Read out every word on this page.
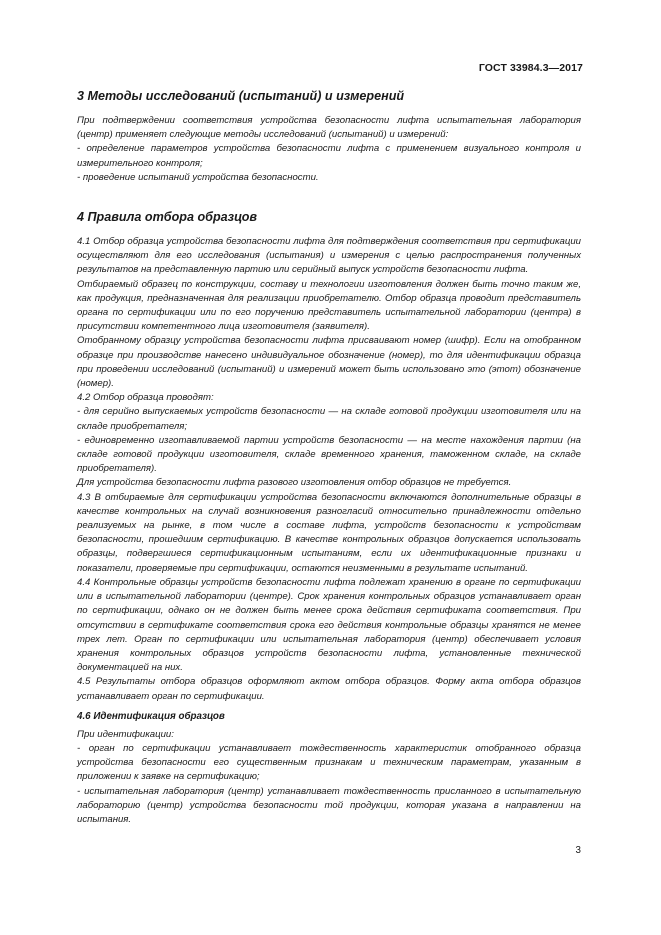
ГОСТ 33984.3—2017
3 Методы исследований (испытаний) и измерений

При подтверждении соответствия устройства безопасности лифта испытательная лаборатория (центр) применяет следующие методы исследований (испытаний) и измерений:

- определение параметров устройства безопасности лифта с применением визуального контроля и измерительного контроля;

- проведение испытаний устройства безопасности.

4 Правила отбора образцов

4.1 Отбор образца устройства безопасности лифта для подтверждения соответствия при сертификации осуществляют для его исследования (испытания) и измерения с целью распространения полученных результатов на представленную партию или серийный выпуск устройств безопасности лифта.

Отбираемый образец по конструкции, составу и технологии изготовления должен быть точно таким же, как продукция, предназначенная для реализации приобретателю. Отбор образца проводит представитель органа по сертификации или по его поручению представитель испытательной лаборатории (центра) в присутствии компетентного лица изготовителя (заявителя).

Отобранному образцу устройства безопасности лифта присваивают номер (шифр). Если на отобранном образце при производстве нанесено индивидуальное обозначение (номер), то для идентификации образца при проведении исследований (испытаний) и измерений может быть использовано это (этот) обозначение (номер).

4.2 Отбор образца проводят:

- для серийно выпускаемых устройств безопасности — на складе готовой продукции изготовителя или на складе приобретателя;

- единовременно изготавливаемой партии устройств безопасности — на месте нахождения партии (на складе готовой продукции изготовителя, складе временного хранения, таможенном складе, на складе приобретателя).

Для устройства безопасности лифта разового изготовления отбор образцов не требуется.

4.3 В отбираемые для сертификации устройства безопасности включаются дополнительные образцы в качестве контрольных на случай возникновения разногласий относительно принадлежности отдельно реализуемых на рынке, в том числе в составе лифта, устройств безопасности к устройствам безопасности, прошедшим сертификацию. В качестве контрольных образцов допускается использовать образцы, подвергшиеся сертификационным испытаниям, если их идентификационные признаки и показатели, проверяемые при сертификации, остаются неизменными в результате испытаний.

4.4 Контрольные образцы устройств безопасности лифта подлежат хранению в органе по сертификации или в испытательной лаборатории (центре). Срок хранения контрольных образцов устанавливает орган по сертификации, однако он не должен быть менее срока действия сертификата соответствия. При отсутствии в сертификате соответствия срока его действия контрольные образцы хранятся не менее трех лет. Орган по сертификации или испытательная лаборатория (центр) обеспечивает условия хранения контрольных образцов устройств безопасности лифта, установленные технической документацией на них.

4.5 Результаты отбора образцов оформляют актом отбора образцов. Форму акта отбора образцов устанавливает орган по сертификации.

4.6 Идентификация образцов

При идентификации:

- орган по сертификации устанавливает тождественность характеристик отобранного образца устройства безопасности его существенным признакам и техническим параметрам, указанным в приложении к заявке на сертификацию;

- испытательная лаборатория (центр) устанавливает тождественность присланного в испытательную лабораторию (центр) устройства безопасности той продукции, которая указана в направлении на испытания.

3
